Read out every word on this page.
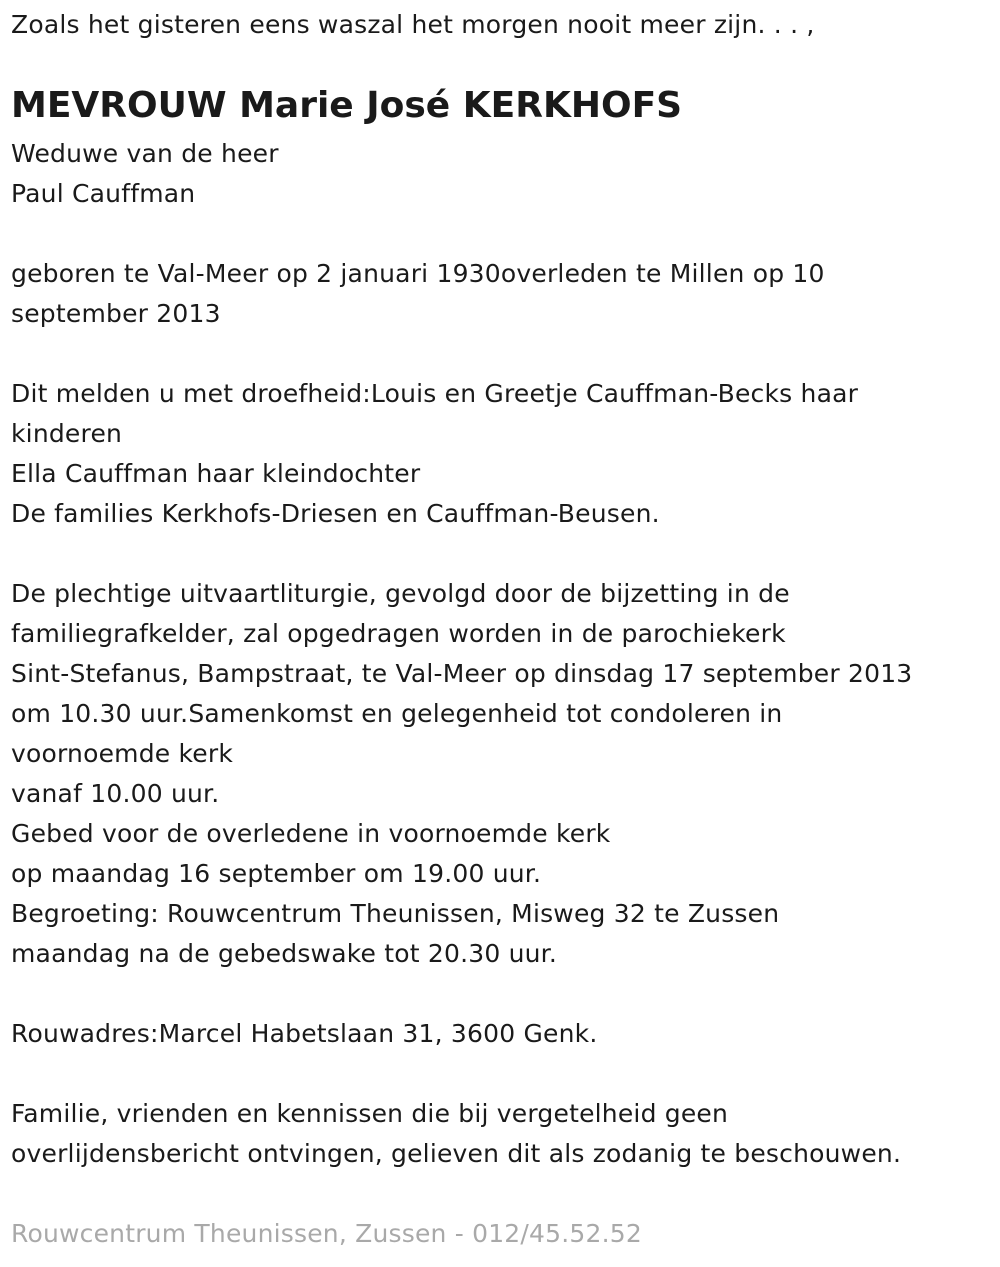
Zoals het gisteren eens waszal het morgen nooit meer zijn. . . ,
MEVROUW Marie José KERKHOFS
Weduwe van de heer
Paul Cauffman
geboren te Val-Meer op 2 januari 1930overleden te Millen op 10
september 2013
Dit melden u met droefheid:Louis en Greetje Cauffman-Becks haar
kinderen
Ella Cauffman haar kleindochter
De families Kerkhofs-Driesen en Cauffman-Beusen.
De plechtige uitvaartliturgie, gevolgd door de bijzetting in de
familiegrafkelder, zal opgedragen worden in de parochiekerk
Sint-Stefanus, Bampstraat, te Val-Meer op dinsdag 17 september 2013
om 10.30 uur.Samenkomst en gelegenheid tot condoleren in
voornoemde kerk
vanaf 10.00 uur.
Gebed voor de overledene in voornoemde kerk
op maandag 16 september om 19.00 uur.
Begroeting: Rouwcentrum Theunissen, Misweg 32 te Zussen
maandag na de gebedswake tot 20.30 uur.
Rouwadres:Marcel Habetslaan 31, 3600 Genk.
Familie, vrienden en kennissen die bij vergetelheid geen
overlijdensbericht ontvingen, gelieven dit als zodanig te beschouwen.
Rouwcentrum Theunissen, Zussen - 012/45.52.52
